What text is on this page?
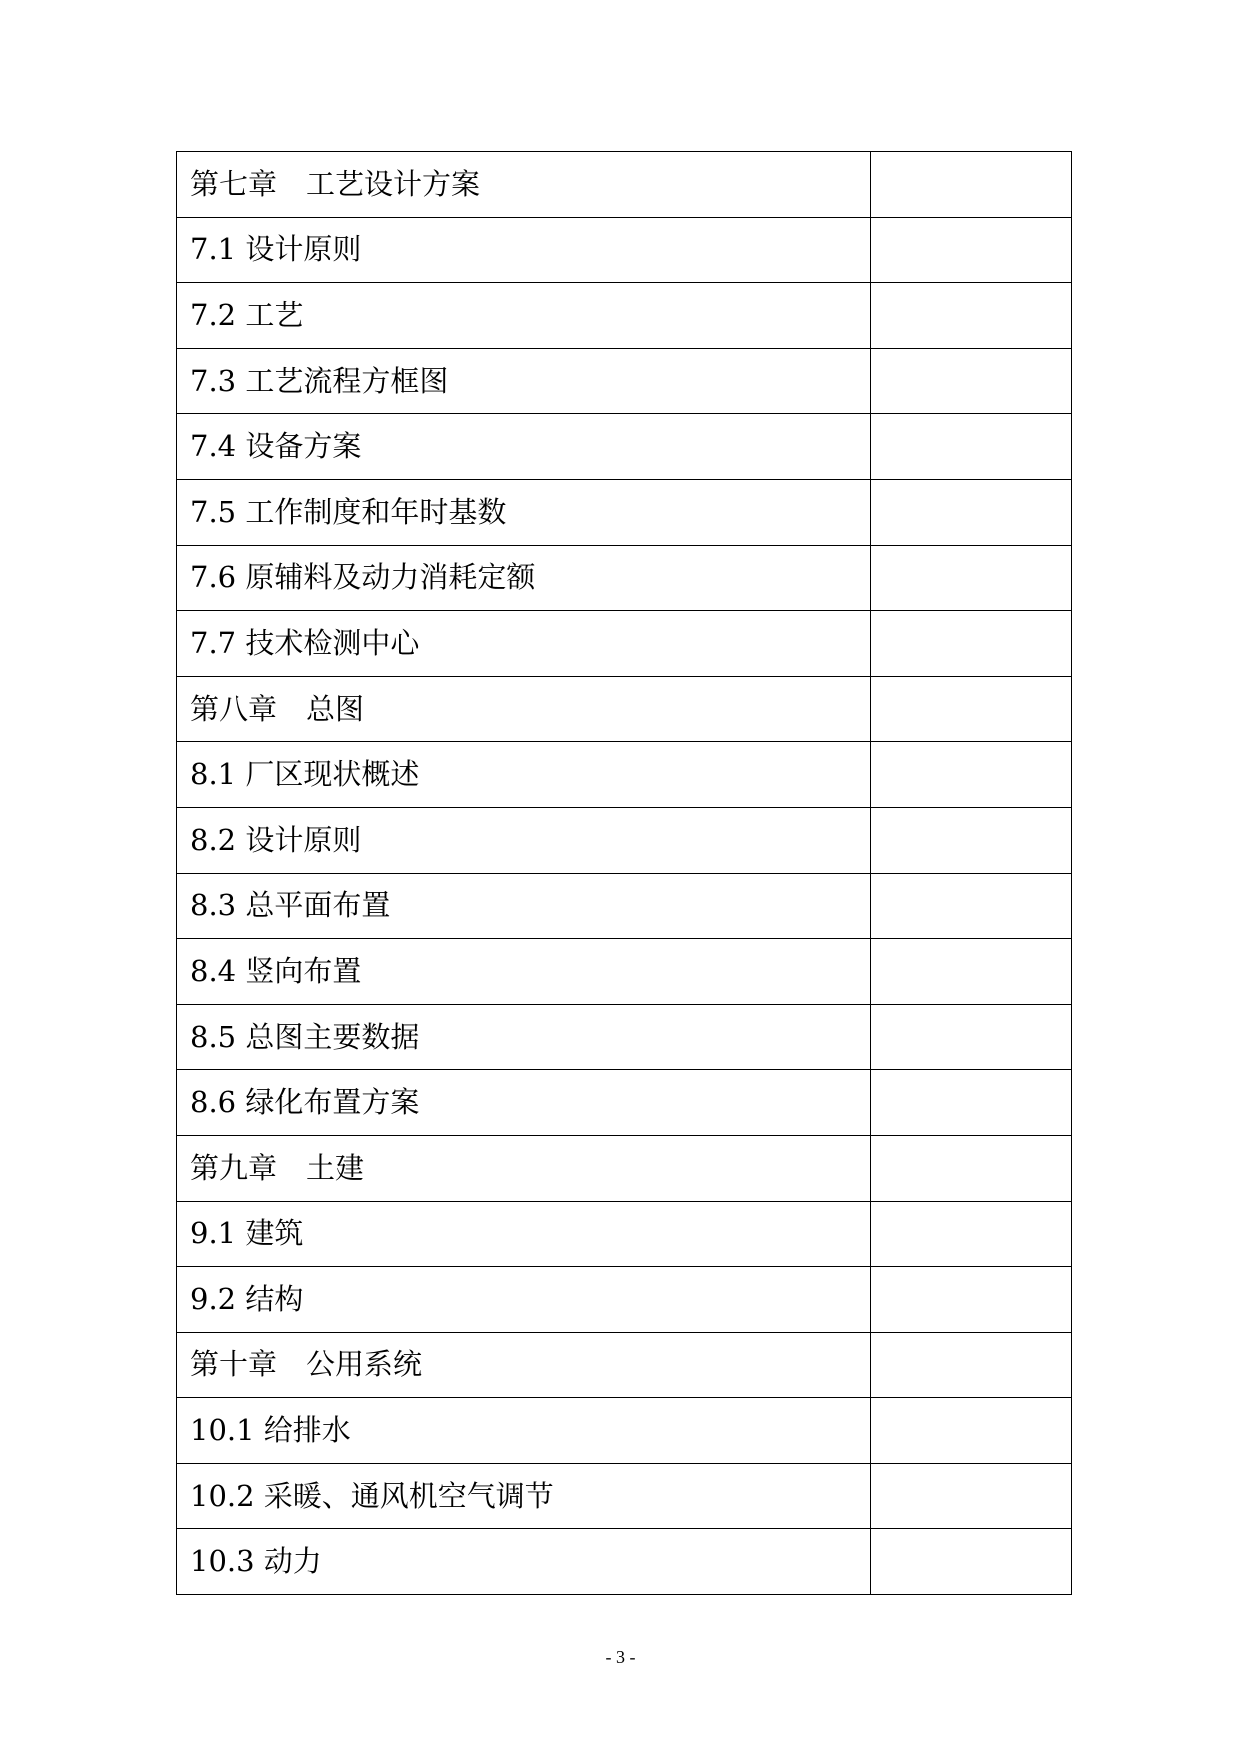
第七章　工艺设计方案	
7.1 设计原则	
7.2 工艺	
7.3 工艺流程方框图	
7.4 设备方案	
7.5 工作制度和年时基数	
7.6 原辅料及动力消耗定额	
7.7 技术检测中心	
第八章　总图	
8.1 厂区现状概述	
8.2 设计原则	
8.3 总平面布置	
8.4 竖向布置	
8.5 总图主要数据	
8.6 绿化布置方案	
第九章　土建	
9.1 建筑	
9.2 结构	
第十章　公用系统	
10.1 给排水	
10.2 采暖、通风机空气调节	
10.3 动力	
- 3 -
